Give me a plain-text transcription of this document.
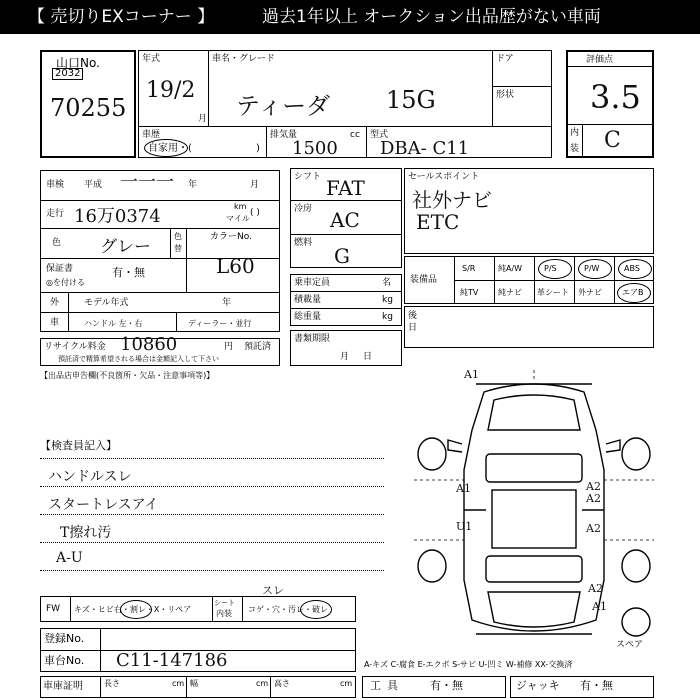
【 売切りEXコーナー 】	過去1年以上 オークション出品歴がない車両
山口No.
2032
70255
年式
19/2
月
車名・グレード
ティーダ 15G
ドア
形状
車歴
自家用・(	)
排気量	cc
1500
型式
DBA- C11
評価点
3.5
内
装 C
車検 平成 一一一 年	月
走行 16万0374	km
マイル
( )
色 グレー
色
替
カラーNo.
L60
保証書
◎を付ける
有・無
外
車
モデル年式	年
ハンドル 左・右	ディーラー・並行
リサイクル料金 10860	円 預託済
預託済で精算希望される場合は金額記入して下さい
【出品店申告欄(不良箇所・欠品・注意事項等)】
シフト FAT
冷房 AC
燃料
G
乗車定員	名
積載量	kg
総重量	kg
書類期限
月日
セールスポイント
社外ナビ
ETC
装備品
S/R	純A/W	P/S	P/W	ABS
純TV 純ナビ 革シート 外ナビ	エアB
後日
【検査員記入】
ハンドルスレ
スタートレスアイ
T擦れ汚
A-U
A1
A1	A2
A2
U1	A2
A2
A1
スペア
A-キズ C-腐食 E-エクボ S-サビ U-凹ミ W-補修 XX-交換済
FW キズ・ヒビ右・割レ・X・リペア
シート
内装 コゲ・穴・汚レ・破レ
スレ
登録No.
車台No. C11-147186
車庫証明	長さ	cm 幅	cm 高さ	cm 工具 有・無	ジャッキ 有・無
